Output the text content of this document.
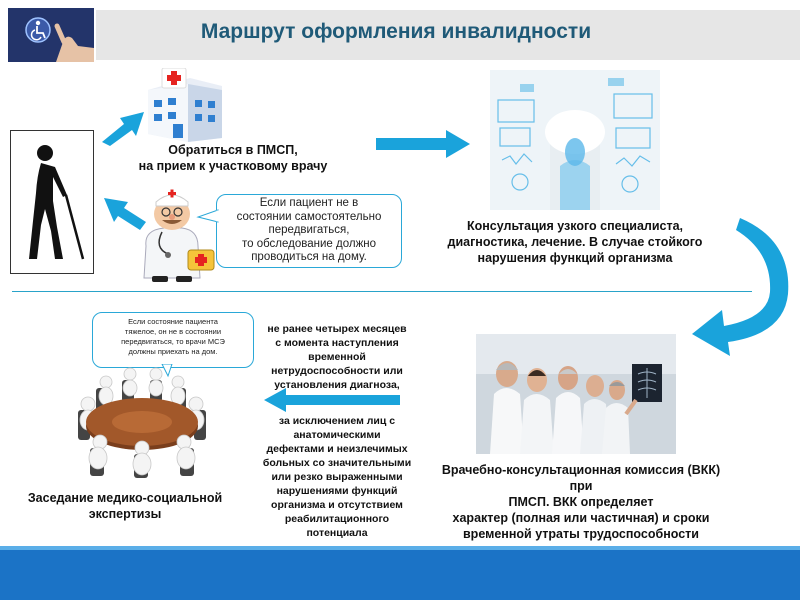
Маршрут оформления инвалидности
Обратиться в ПМСП,
на прием к участковому врачу
Если пациент не в
состоянии самостоятельно
передвигаться,
то обследование должно
проводиться на дому.
Консультация узкого специалиста,
диагностика, лечение. В случае стойкого
нарушения функций организма
Врачебно-консультационная комиссия (ВКК) при
ПМСП. ВКК определяет
характер (полная или частичная) и сроки
временной утраты трудоспособности
не ранее четырех месяцев
с момента наступления
временной
нетрудоспособности или
установления диагноза,
за исключением лиц с
анатомическими
дефектами и неизлечимых
больных со значительными
или резко выраженными
нарушениями функций
организма и отсутствием
реабилитационного
потенциала
Если состояние пациента
тяжелое, он не в состоянии
передвигаться, то врачи МСЭ
должны приехать на дом.
Заседание медико-социальной
экспертизы
